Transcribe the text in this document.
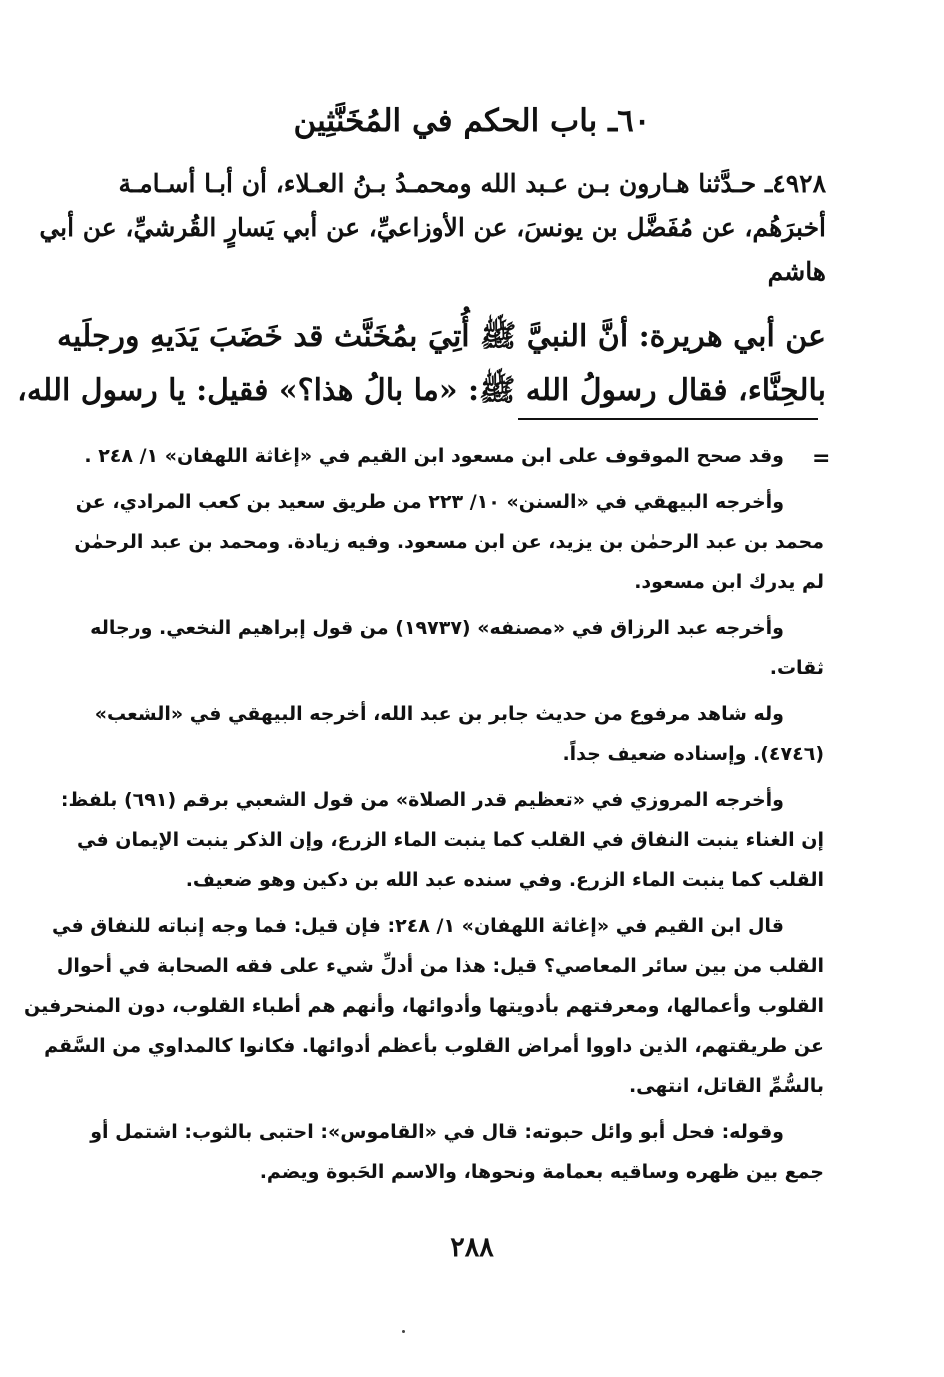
٦٠ـ باب الحكم في المُخَنَّثِين
٤٩٢٨ـ حـدَّثنا هـارون بـن عـبد الله ومحمـدُ بـنُ العـلاء، أن أبـا أسـامـة
أخبرَهُم، عن مُفَضَّل بن يونسَ، عن الأوزاعيِّ، عن أبي يَسارٍ القُرشيِّ، عن أبي
هاشم
عن أبي هريرة: أنَّ النبيَّ ﷺ أُتِيَ بمُخَنَّث قد خَضَبَ يَدَيهِ ورجلَيه
بالحِنَّاء، فقال رسولُ الله ﷺ: «ما بالُ هذا؟» فقيل: يا رسول الله،
=
وقد صحح الموقوف على ابن مسعود ابن القيم في «إغاثة اللهفان» ١/ ٢٤٨ .
وأخرجه البيهقي في «السنن» ١٠/ ٢٢٣ من طريق سعيد بن كعب المرادي، عن
محمد بن عبد الرحمٰن بن يزيد، عن ابن مسعود. وفيه زيادة. ومحمد بن عبد الرحمٰن
لم يدرك ابن مسعود.
وأخرجه عبد الرزاق في «مصنفه» (١٩٧٣٧) من قول إبراهيم النخعي. ورجاله
ثقات.
وله شاهد مرفوع من حديث جابر بن عبد الله، أخرجه البيهقي في «الشعب»
(٤٧٤٦). وإسناده ضعيف جداً.
وأخرجه المروزي في «تعظيم قدر الصلاة» من قول الشعبي برقم (٦٩١) بلفظ:
إن الغناء ينبت النفاق في القلب كما ينبت الماء الزرع، وإن الذكر ينبت الإيمان في
القلب كما ينبت الماء الزرع. وفي سنده عبد الله بن دكين وهو ضعيف.
قال ابن القيم في «إغاثة اللهفان» ١/ ٢٤٨: فإن قيل: فما وجه إنباته للنفاق في
القلب من بين سائر المعاصي؟ قيل: هذا من أدلِّ شيء على فقه الصحابة في أحوال
القلوب وأعمالها، ومعرفتهم بأدويتها وأدوائها، وأنهم هم أطباء القلوب، دون المنحرفين
عن طريقتهم، الذين داووا أمراض القلوب بأعظم أدوائها. فكانوا كالمداوي من السَّقم
بالسُّمِّ القاتل، انتهى.
وقوله: فحل أبو وائل حبوته: قال في «القاموس»: احتبى بالثوب: اشتمل أو
جمع بين ظهره وساقيه بعمامة ونحوها، والاسم الحَبوة ويضم.
٢٨٨
